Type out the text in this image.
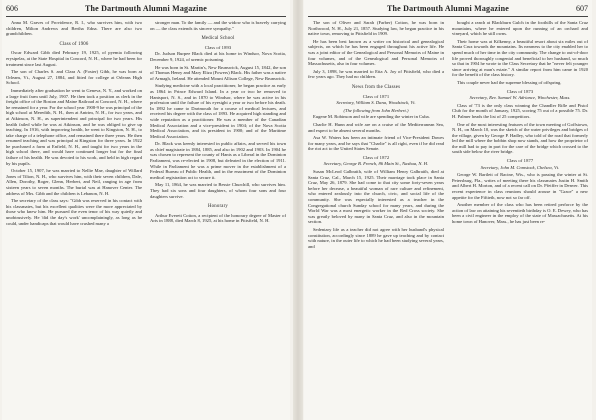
606	The Dartmouth Alumni Magazine

Anna M. Graves of Providence, R. I., who survives him, with two children, Milton Andrews and Bertha Edna. There are also two grandchildren.

Class of 1906

Oscar Edward Gibb died February 19, 1925, of pyemia following erysipelas, at the State Hospital in Concord, N. H., where he had been for treatment since last August.

The son of Charles S. and Clara A. (Foster) Gibb, he was born at Orleans, Vt., August 27, 1884, and fitted for college at Orleans High School.

Immediately after graduation he went to Geneva, N. Y., and worked on a large fruit farm until July, 1907. He then took a position as clerk in the freight office of the Boston and Maine Railroad at Concord, N. H., where he remained for a year. For the school year 1908-9 he was principal of the high school at Meredith, N. H., then at Antrim, N. H., for two years, and at Atkinson, N. H., as superintendent and principal for two years. His health failed while he was at Atkinson, and he was obliged to give up teaching. In 1916, with improving health, he went to Kingston, N. H., to take charge of a telephone office, and remained there three years. He then resumed teaching and was principal at Kingston for three years. In 1922 he purchased a farm at Enfield, N. H., and taught for two years in the high school there, and would have continued longer but for the final failure of his health. He was devoted to his work, and held in high regard by his pupils.

October 15, 1907, he was married to Nellie Mae, daughter of Willard Jones of Tilton, N. H., who survives him, with their seven children, Dale, Allen, Dorothy, Roger, Glenn, Herbert, and Neil, ranging in age from sixteen years to seven months. The burial was at Hanover Center. The address of Mrs. Gibb and the children is Lebanon, N. H.

The secretary of the class says: "Gibb was reserved in his contact with his classmates, but his excellent qualities were the more appreciated by those who knew him. He pursued the even tenor of his way quietly and unobtrusively. He 'did the day's work' uncomplainingly, as long as he could, under handicaps that would have crushed many a

stronger man. To the family — and the widow who is bravely carrying on — the class extends its sincere sympathy."

Medical School
Class of 1893

Dr. Judson Burpee Black died at his home in Windsor, Nova Scotia, December 9, 1924, of uremic poisoning.

He was born in St. Martin's, New Brunswick, August 15, 1842, the son of Thomas Henry and Mary Eliza (Fowers) Black. His father was a native of Armagh, Ireland. He attended Mount Allison College, New Brunswick.

Studying medicine with a local practitioner, he began practice as early as 1864 in Prince Edward Island. In a year or two he removed to Hantsport, N. S., and in 1870 to Windsor, where he was active in his profession until the failure of his eyesight a year or two before his death. In 1892 he came to Dartmouth for a course of medical lectures, and received his degree with the class of 1893. He acquired high standing and wide reputation as a practitioner. He was a member of the Canadian Medical Association and a vice-president in 1904; of the Nova Scotia Medical Association, and its president in 1900; and of the Maritime Medical Association.

Dr. Black was keenly interested in public affairs, and served his town as chief magistrate in 1884, 1885, and also in 1902 and 1903. In 1904 he was chosen to represent the county of Hants as a Liberal in the Dominion Parliament, was re-elected in 1908, but defeated in the election of 1911. While in Parliament he was a prime mover in the establishment of a Federal Bureau of Public Health, and in the enactment of the Dominion medical registration act to secure it.

May 11, 1864, he was married to Bessie Churchill, who survives him. They had six sons and four daughters, of whom four sons and four daughters survive.

Honorary

Arthur Everett Cotton, a recipient of the honorary degree of Master of Arts in 1888, died March 8, 1925, at his home in Pittsfield, N. H.

The Dartmouth Alumni Magazine	607

The son of Oliver and Sarah (Farber) Cotton, he was born in Northwood, N. H., July 21, 1857. Studying law, he began practice in his native town, removing to Pittsfield in 1909.

He has been best known as a writer on historical and genealogical subjects, on which he has been engaged throughout his active life. He was a joint editor of the Genealogical and Personal Memoirs of Maine in four volumes, and of the Genealogical and Personal Memoirs of Massachusetts, also in four volumes.

July 3, 1898, he was married to Etta A. Joy of Pittsfield, who died a few years ago. They had no children.

News from the Classes
Class of 1871
Secretary, William S. Dana, Woodstock, Vt.
(The following from John Herbert.)

Eugene M. Robinson and wife are spending the winter in Cuba.

Charlie H. Hunn and wife are on a cruise of the Mediterranean Sea, and expect to be absent several months.

Asa W. Waters has been an intimate friend of Vice-President Dawes for many years, and he says that "Charlie" is all right, even if he did read the riot act to the United States Senate.

Class of 1872
Secretary, George B. French, 86 Main St., Nashua, N. H.

Susan McLeod Galbraith, wife of William Henry Galbraith, died at Santa Cruz, Cal., March 15, 1925. Their marriage took place in Santa Cruz, May 26, 1879. She had come to that city some forty-seven years before her decease, a beautiful woman of rare culture and refinement, who entered zealously into the church, civic, and social life of the community. She was especially interested as a teacher in the Congregational church Sunday school for many years, and during the World War was a most energetic worker in the Red Cross society. She was greatly beloved by many in Santa Cruz, and also in the mountain section.

Sedentary life as a teacher did not agree with her husband's physical constitution, accordingly since 1889 he gave up teaching and by contact with nature, in the outer life to which he had been studying several years, and

bought a ranch at Blackburn Gulch in the foothills of the Santa Cruz mountains, where he entered upon the running of an orchard and vineyard, which he still owns.

Their home was at Kilkenny, a beautiful resort about six miles out of Santa Cruz towards the mountains. Its nearness to the city enabled her to spend much of her time in the city community. The change to out-of-door life proved thoroughly congenial and beneficial to her husband, so much so that in 1904 he wrote to the Class Secretary that he "never felt younger since arriving at man's estate." A similar report from him came in 1920 for the benefit of the class history.

This couple never had the supreme blessing of offspring.

Class of 1873
Secretary, Rev. Samuel W. Adriance, Winchester, Mass.

Class of '73 is the only class winning the Chandler Rifle and Pistol Club for the month of January, 1925, scoring 75 out of a possible 75. Dr. H. Palmer heads the list of 25 competitors.

One of the most interesting features of the town meeting of Goffstown, N. H., on March 10, was the sketch of the water privileges and bridges of the village, given by George P. Hadley, who told of the road that formerly led the mill where the bobbin shop now stands, and how the proprietor of the mill had to pay in part for the care of the bridge which crossed to the south side below the river bridge.

Class of 1877
Secretary, John M. Comstock, Chelsea, Vt.

George W. Bartlett of Racine, Wis., who is passing the winter at St. Petersburg, Fla., writes of meeting there his classmates Justin H. Smith and Albert H. Morton, and of a recent call on Dr. Pfeiffer in Denver. This recent experience in class reunions should arouse in "Grace" a new appetite for the Fiftieth, now not so far off.

Another member of the class who has been retired perforce by the action of law on attaining his seventieth birthday is O. E. Dewey, who has been a civil engineer in the employ of the state of Massachusetts. At his home town of Hanover, Mass., he has just been re-
